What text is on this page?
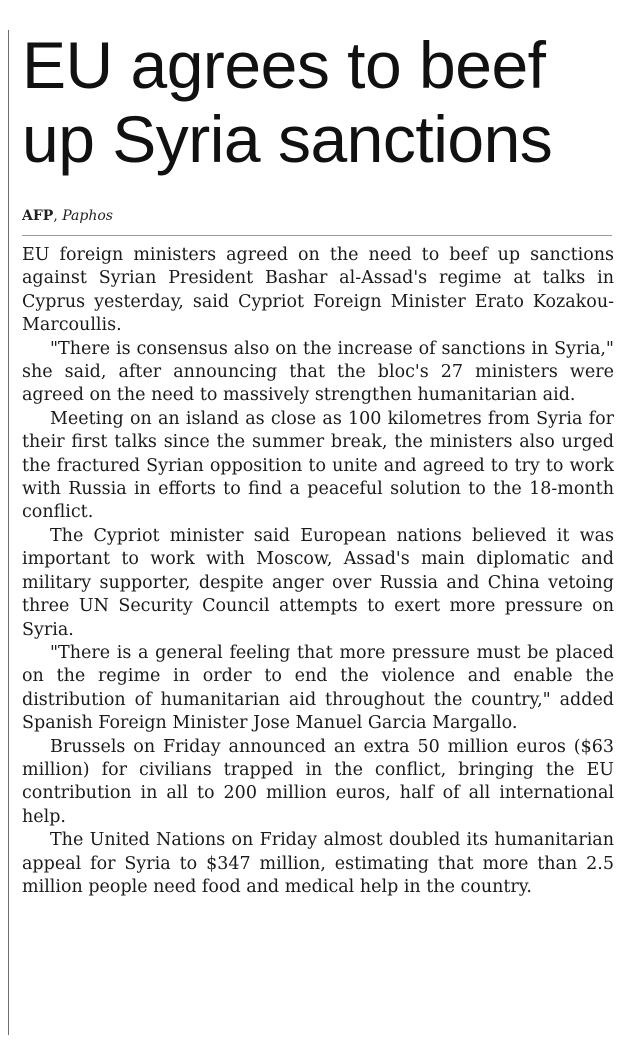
EU agrees to beef up Syria sanctions
AFP, Paphos

EU foreign ministers agreed on the need to beef up sanctions against Syrian President Bashar al-Assad's regime at talks in Cyprus yesterday, said Cypriot Foreign Minister Erato Kozakou-Marcoullis.

"There is consensus also on the increase of sanctions in Syria," she said, after announcing that the bloc's 27 ministers were agreed on the need to massively strengthen humanitarian aid.

Meeting on an island as close as 100 kilometres from Syria for their first talks since the summer break, the ministers also urged the fractured Syrian opposition to unite and agreed to try to work with Russia in efforts to find a peaceful solution to the 18-month conflict.

The Cypriot minister said European nations believed it was important to work with Moscow, Assad's main diplomatic and military supporter, despite anger over Russia and China vetoing three UN Security Council attempts to exert more pressure on Syria.

"There is a general feeling that more pressure must be placed on the regime in order to end the violence and enable the distribution of humanitarian aid throughout the country," added Spanish Foreign Minister Jose Manuel Garcia Margallo.

Brussels on Friday announced an extra 50 million euros ($63 million) for civilians trapped in the conflict, bringing the EU contribution in all to 200 million euros, half of all international help.

The United Nations on Friday almost doubled its humanitarian appeal for Syria to $347 million, estimating that more than 2.5 million people need food and medical help in the country.
